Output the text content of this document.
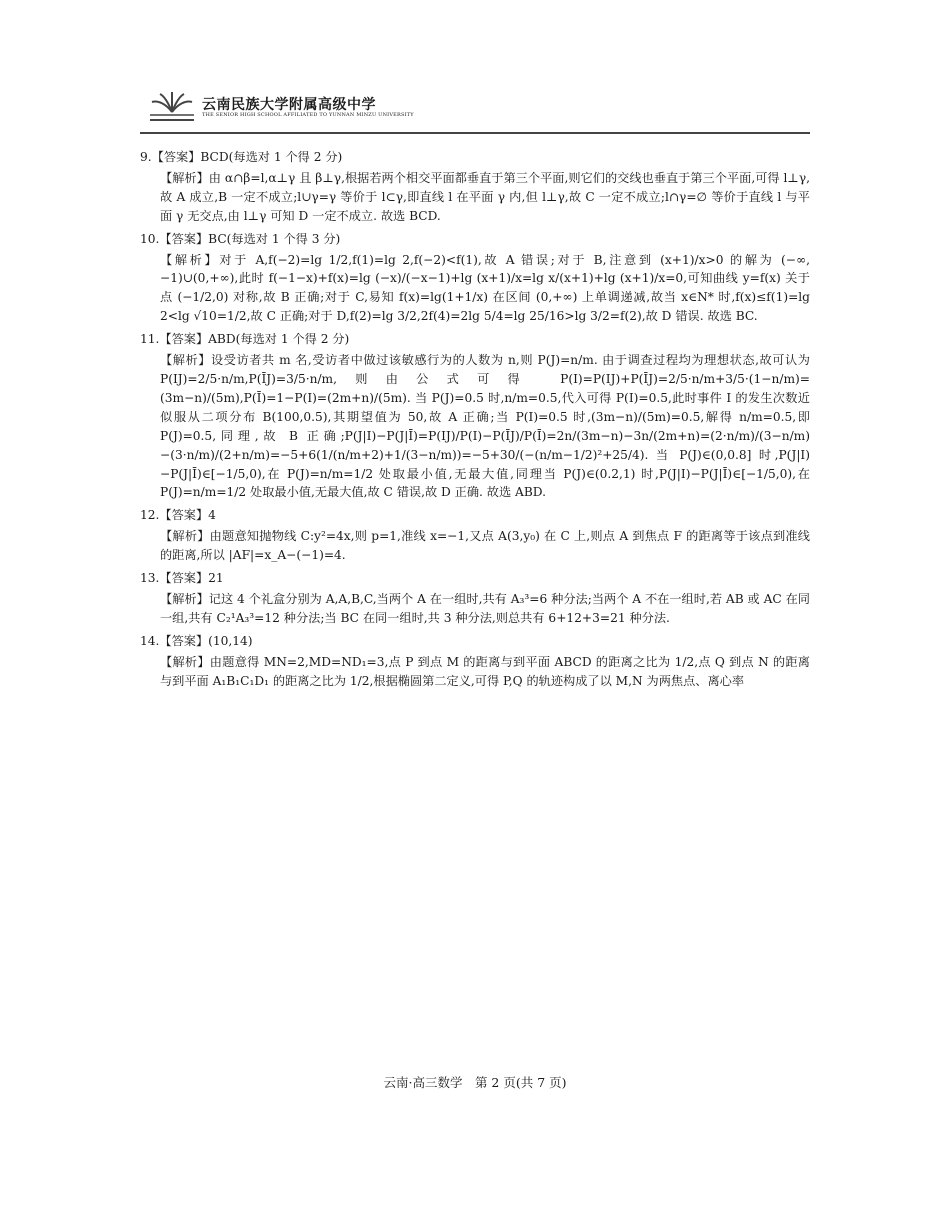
云南民族大学附属高级中学
THE SENIOR HIGH SCHOOL AFFILIATED TO YUNNAN MINZU UNIVERSITY
9.【答案】BCD(每选对 1 个得 2 分)
【解析】由 α∩β=l,α⊥γ 且 β⊥γ,根据若两个相交平面都垂直于第三个平面,则它们的交线也垂直于第三个平面,可得 l⊥γ,故 A 成立,B 一定不成立;l∪γ=γ 等价于 l⊂γ,即直线 l 在平面 γ 内,但 l⊥γ,故 C 一定不成立;l∩γ=∅ 等价于直线 l 与平面 γ 无交点,由 l⊥γ 可知 D 一定不成立. 故选 BCD.
10.【答案】BC(每选对 1 个得 3 分)
【解析】对于 A,f(−2)=lg 1/2,f(1)=lg 2,f(−2)<f(1),故 A 错误;对于 B,注意到 (x+1)/x>0 的解为 (−∞,−1)∪(0,+∞),此时 f(−1−x)+f(x)=lg (−x)/(−x−1)+lg (x+1)/x=lg x/(x+1)+lg (x+1)/x=0,可知曲线 y=f(x) 关于点 (−1/2,0) 对称,故 B 正确;对于 C,易知 f(x)=lg(1+1/x) 在区间 (0,+∞) 上单调递减,故当 x∈N* 时,f(x)≤f(1)=lg 2<lg √10=1/2,故 C 正确;对于 D,f(2)=lg 3/2,2f(4)=2lg 5/4=lg 25/16>lg 3/2=f(2),故 D 错误. 故选 BC.
11.【答案】ABD(每选对 1 个得 2 分)
【解析】设受访者共 m 名,受访者中做过该敏感行为的人数为 n,则 P(J)=n/m. 由于调查过程均为理想状态,故可认为 P(IJ)=2/5·n/m,P(ĪJ)=3/5·n/m,则由公式可得 P(I)=P(IJ)+P(ĪJ)=2/5·n/m+3/5·(1−n/m)=(3m−n)/(5m),P(Ī)=1−P(I)=(2m+n)/(5m). 当 P(J)=0.5 时,n/m=0.5,代入可得 P(I)=0.5,此时事件 I 的发生次数近似服从二项分布 B(100,0.5),其期望值为 50,故 A 正确;当 P(I)=0.5 时,(3m−n)/(5m)=0.5,解得 n/m=0.5,即 P(J)=0.5,同理,故 B 正确;P(J|I)−P(J|Ī)=P(IJ)/P(I)−P(ĪJ)/P(Ī)=2n/(3m−n)−3n/(2m+n)=(2·n/m)/(3−n/m)−(3·n/m)/(2+n/m)=−5+6(1/(n/m+2)+1/(3−n/m))=−5+30/(−(n/m−1/2)²+25/4). 当 P(J)∈(0,0.8] 时,P(J|I)−P(J|Ī)∈[−1/5,0),在 P(J)=n/m=1/2 处取最小值,无最大值,同理当 P(J)∈(0.2,1) 时,P(J|I)−P(J|Ī)∈[−1/5,0),在 P(J)=n/m=1/2 处取最小值,无最大值,故 C 错误,故 D 正确. 故选 ABD.
12.【答案】4
【解析】由题意知抛物线 C:y²=4x,则 p=1,准线 x=−1,又点 A(3,y₀) 在 C 上,则点 A 到焦点 F 的距离等于该点到准线的距离,所以 |AF|=x_A−(−1)=4.
13.【答案】21
【解析】记这 4 个礼盒分别为 A,A,B,C,当两个 A 在一组时,共有 A₃³=6 种分法;当两个 A 不在一组时,若 AB 或 AC 在同一组,共有 C₂¹A₃³=12 种分法;当 BC 在同一组时,共 3 种分法,则总共有 6+12+3=21 种分法.
14.【答案】(10,14)
【解析】由题意得 MN=2,MD=ND₁=3,点 P 到点 M 的距离与到平面 ABCD 的距离之比为 1/2,点 Q 到点 N 的距离与到平面 A₁B₁C₁D₁ 的距离之比为 1/2,根据椭圆第二定义,可得 P,Q 的轨迹构成了以 M,N 为两焦点、离心率
云南·高三数学　第 2 页(共 7 页)
